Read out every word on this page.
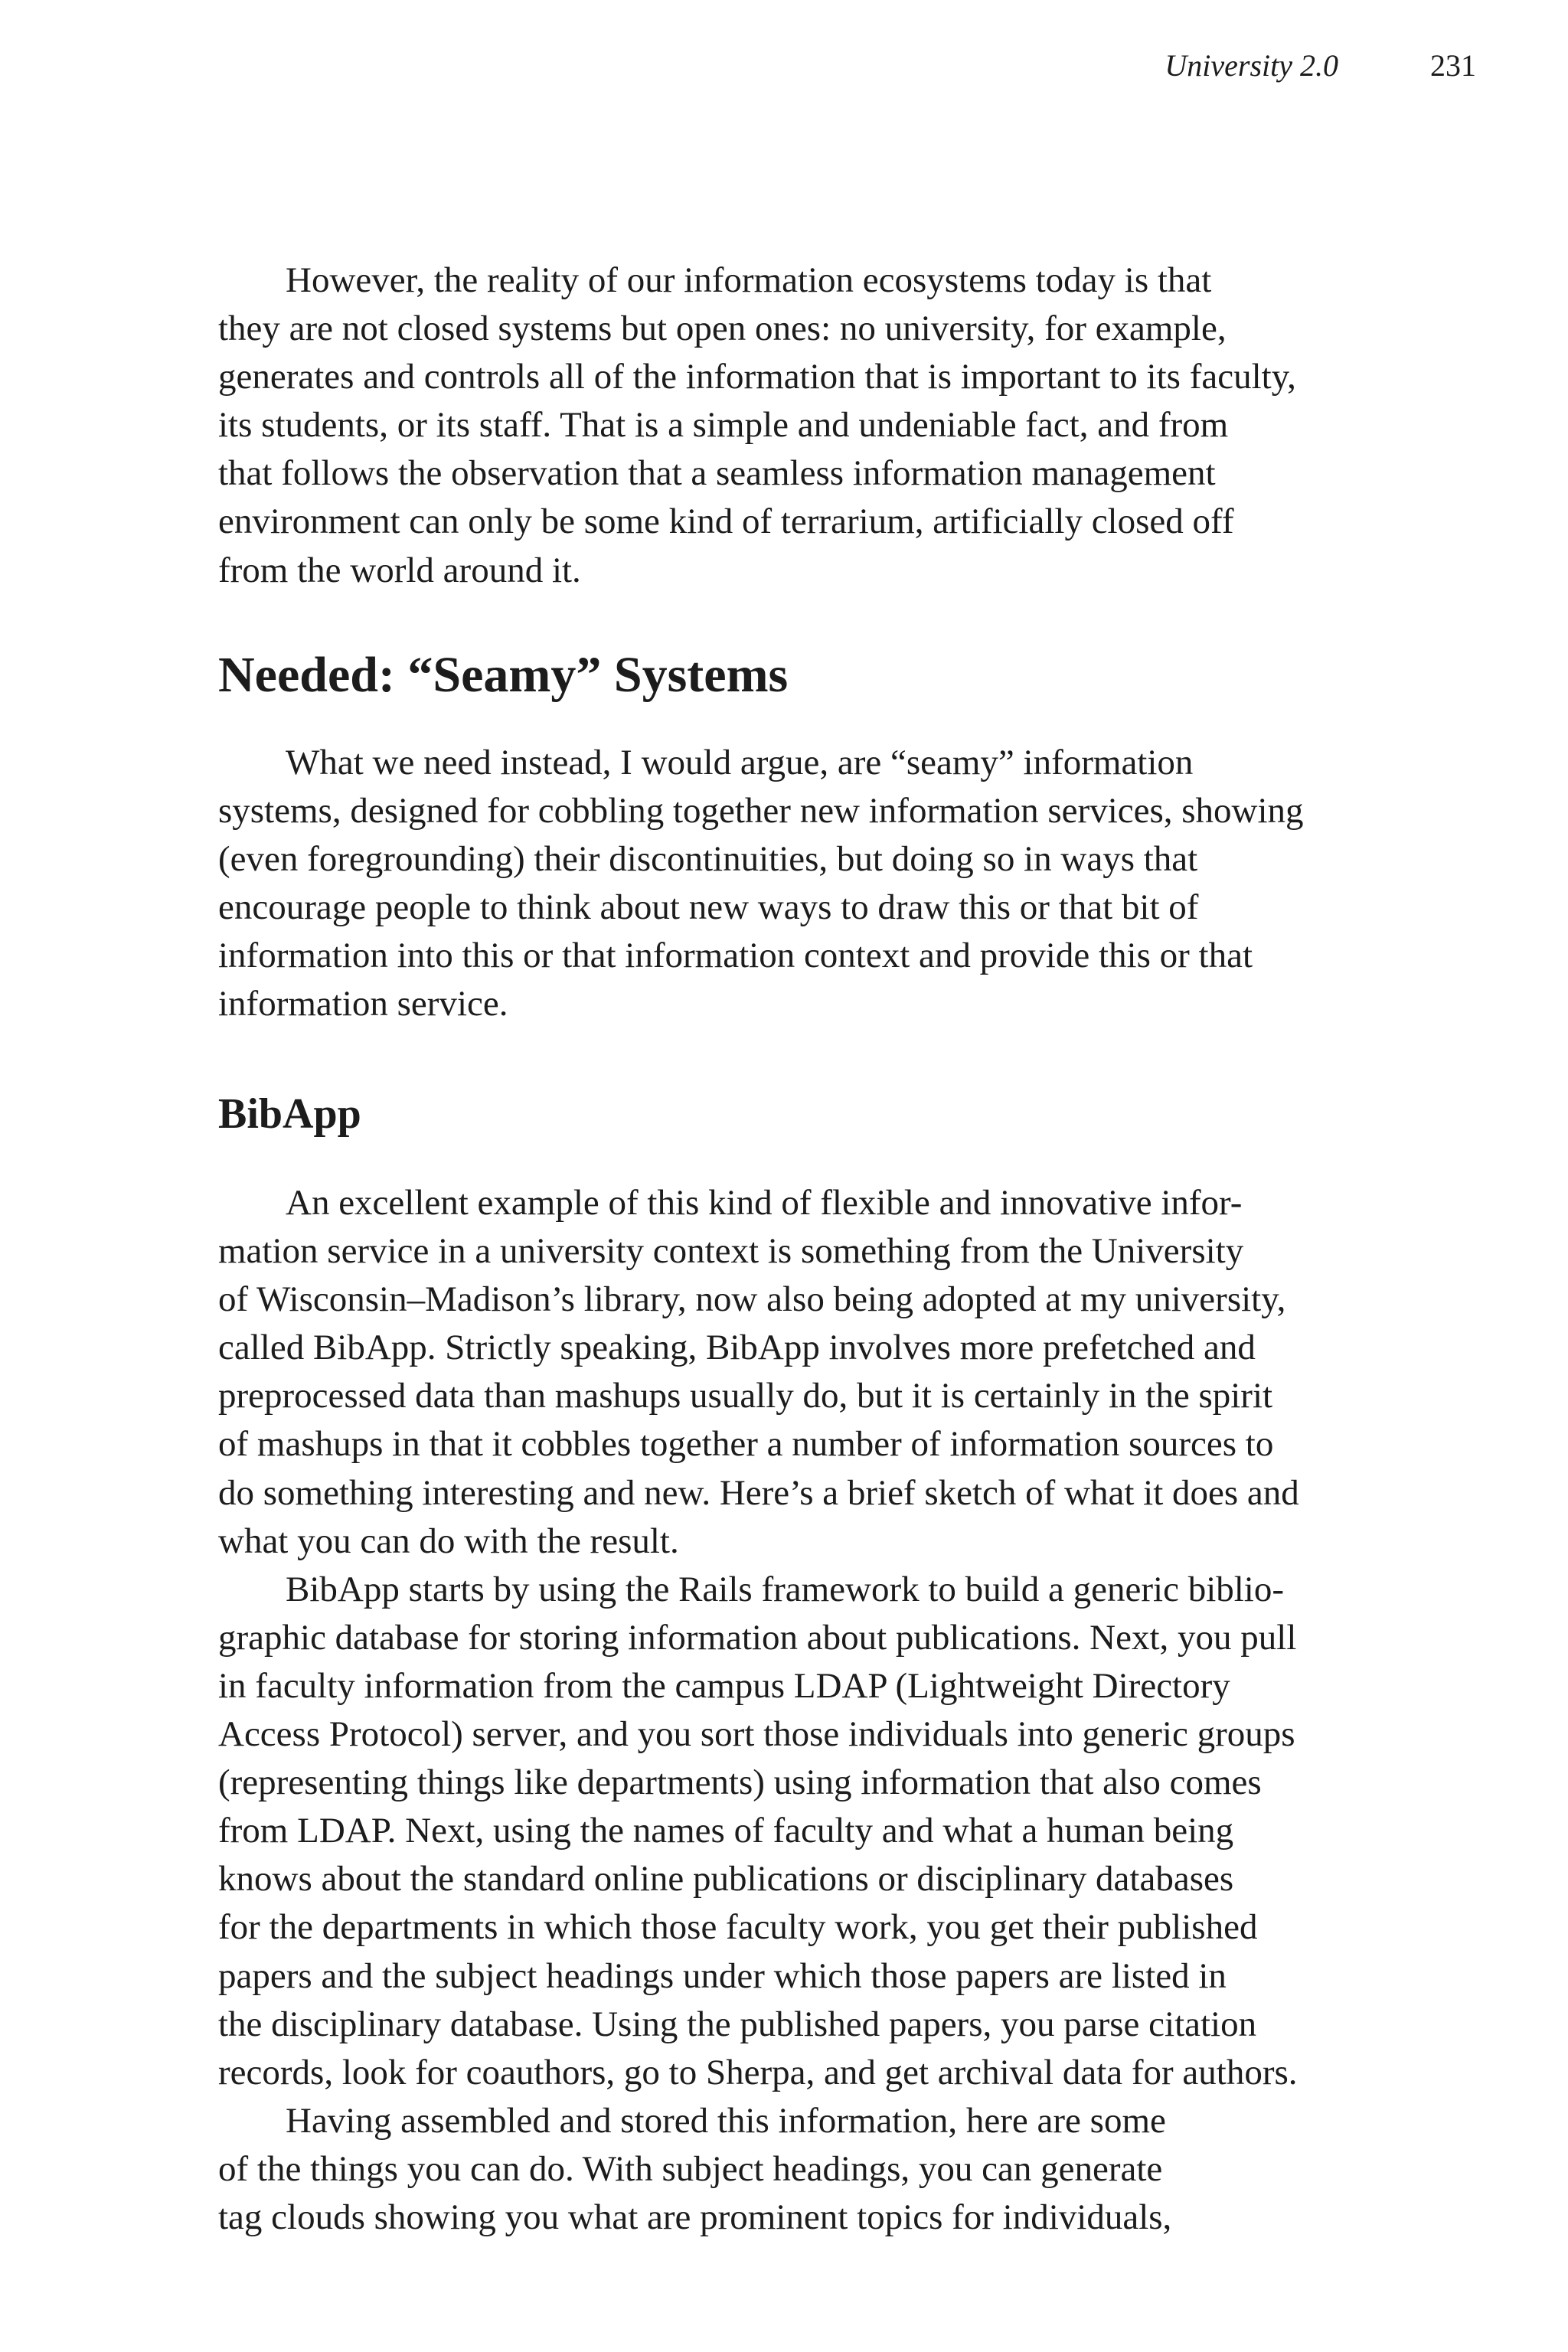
University 2.0	231

However, the reality of our information ecosystems today is that
they are not closed systems but open ones: no university, for example,
generates and controls all of the information that is important to its faculty,
its students, or its staff. That is a simple and undeniable fact, and from
that follows the observation that a seamless information management
environment can only be some kind of terrarium, artificially closed off
from the world around it.

Needed: “Seamy” Systems

What we need instead, I would argue, are “seamy” information
systems, designed for cobbling together new information services, showing
(even foregrounding) their discontinuities, but doing so in ways that
encourage people to think about new ways to draw this or that bit of
information into this or that information context and provide this or that
information service.

BibApp

An excellent example of this kind of flexible and innovative infor-
mation service in a university context is something from the University
of Wisconsin–Madison’s library, now also being adopted at my university,
called BibApp. Strictly speaking, BibApp involves more prefetched and
preprocessed data than mashups usually do, but it is certainly in the spirit
of mashups in that it cobbles together a number of information sources to
do something interesting and new. Here’s a brief sketch of what it does and
what you can do with the result.

BibApp starts by using the Rails framework to build a generic biblio-
graphic database for storing information about publications. Next, you pull
in faculty information from the campus LDAP (Lightweight Directory
Access Protocol) server, and you sort those individuals into generic groups
(representing things like departments) using information that also comes
from LDAP. Next, using the names of faculty and what a human being
knows about the standard online publications or disciplinary databases
for the departments in which those faculty work, you get their published
papers and the subject headings under which those papers are listed in
the disciplinary database. Using the published papers, you parse citation
records, look for coauthors, go to Sherpa, and get archival data for authors.

Having assembled and stored this information, here are some
of the things you can do. With subject headings, you can generate
tag clouds showing you what are prominent topics for individuals,
